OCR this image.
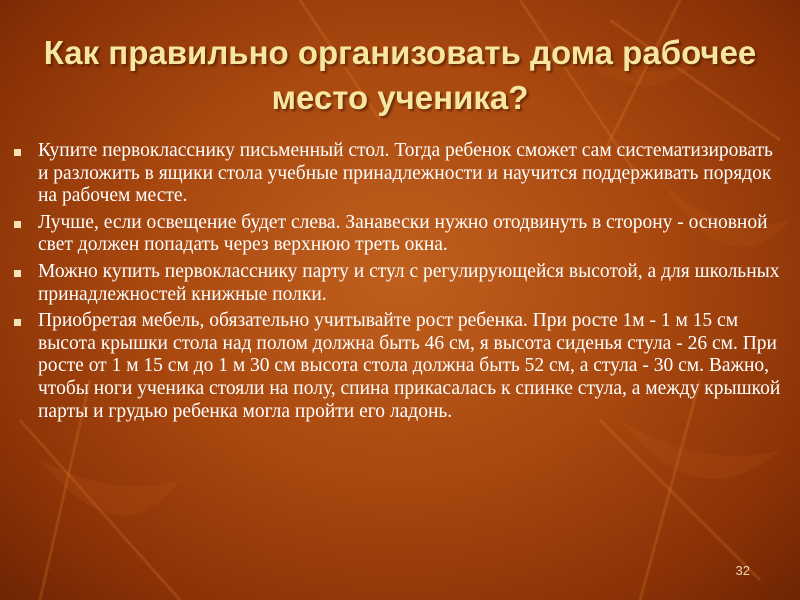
Как правильно организовать дома рабочее место ученика?
Купите первокласснику письменный стол. Тогда ребенок сможет сам систематизировать и разложить в ящики стола учебные принадлежности и научится поддерживать порядок на рабочем месте.
Лучше, если освещение будет слева. Занавески нужно отодвинуть в сторону - основной свет должен попадать через верхнюю треть окна.
Можно купить первокласснику парту и стул с регулирующейся высотой, а для школьных принадлежностей книжные полки.
Приобретая мебель, обязательно учитывайте рост ребенка. При росте 1м - 1 м 15 см высота крышки стола над полом должна быть 46 см, я высота сиденья стула - 26 см. При росте от 1 м 15 см до 1 м 30 см высота стола должна быть 52 см, а стула - 30 см. Важно, чтобы ноги ученика стояли на полу, спина прикасалась к спинке стула, а между крышкой парты и грудью ребенка могла пройти его ладонь.
32
